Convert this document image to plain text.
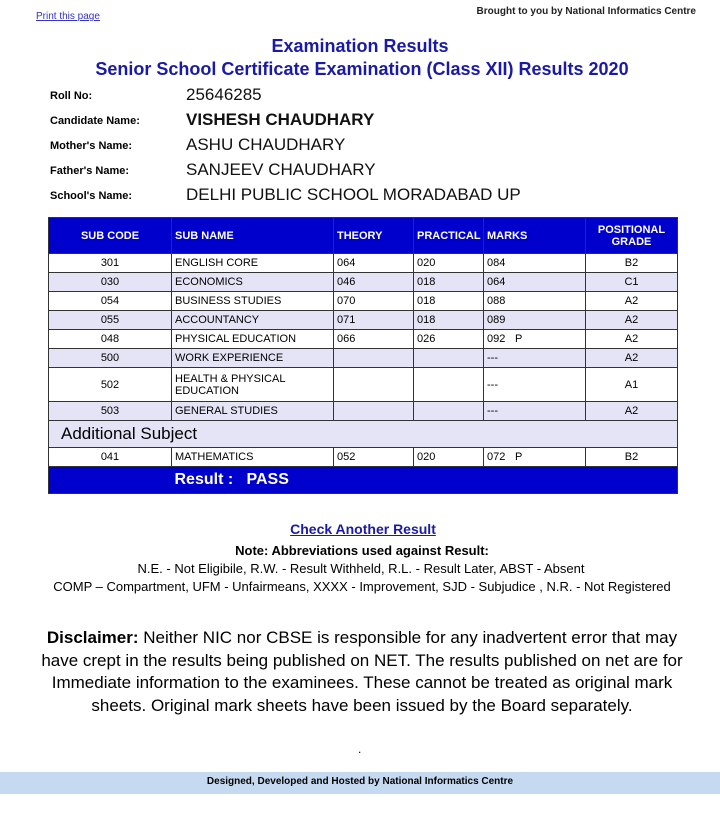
Print this page	Brought to you by National Informatics Centre
Examination Results
Senior School Certificate Examination (Class XII) Results 2020
Roll No:	25646285
Candidate Name:	VISHESH CHAUDHARY
Mother's Name:	ASHU CHAUDHARY
Father's Name:	SANJEEV CHAUDHARY
School's Name:	DELHI PUBLIC SCHOOL MORADABAD UP
SUB CODE	SUB NAME	THEORY	PRACTICAL	MARKS	POSITIONAL GRADE
301	ENGLISH CORE	064	020	084	B2
030	ECONOMICS	046	018	064	C1
054	BUSINESS STUDIES	070	018	088	A2
055	ACCOUNTANCY	071	018	089	A2
048	PHYSICAL EDUCATION	066	026	092 P	A2
500	WORK EXPERIENCE			---	A2
502	HEALTH & PHYSICAL EDUCATION			---	A1
503	GENERAL STUDIES			---	A2
Additional Subject					
041	MATHEMATICS	052	020	072 P	B2
	Result : PASS				
Check Another Result
Note: Abbreviations used against Result:
N.E. - Not Eligibile, R.W. - Result Withheld, R.L. - Result Later, ABST - Absent
COMP – Compartment, UFM - Unfairmeans, XXXX - Improvement, SJD - Subjudice , N.R. - Not Registered
Disclaimer: Neither NIC nor CBSE is responsible for any inadvertent error that may have crept in the results being published on NET. The results published on net are for Immediate information to the examinees. These cannot be treated as original mark sheets. Original mark sheets have been issued by the Board separately.
.
Designed, Developed and Hosted by National Informatics Centre
